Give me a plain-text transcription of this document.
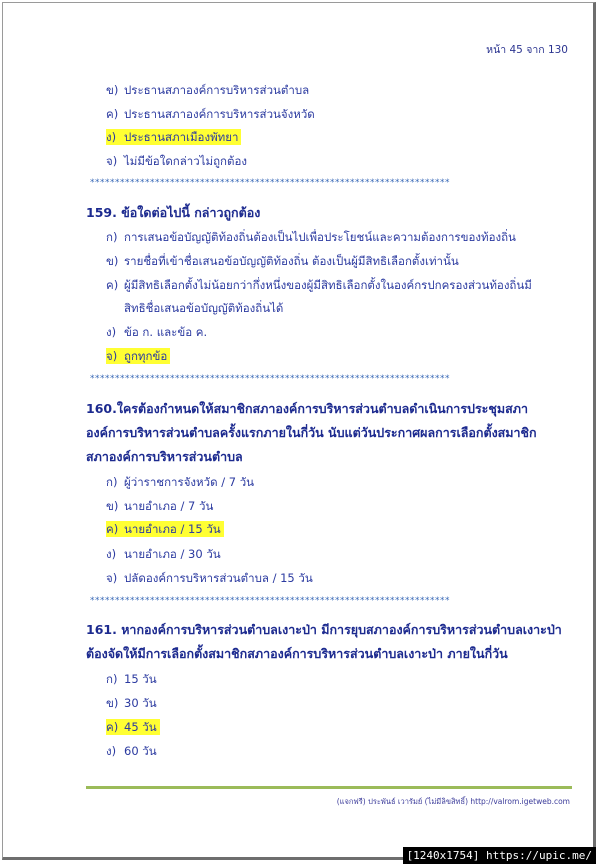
หน้า 45 จาก 130
ข) ประธานสภาองค์การบริหารส่วนตำบล
ค) ประธานสภาองค์การบริหารส่วนจังหวัด
ง) ประธานสภาเมืองพัทยา
จ) ไม่มีข้อใดกล่าวไม่ถูกต้อง
************************************************************************
159. ข้อใดต่อไปนี้ กล่าวถูกต้อง
ก) การเสนอข้อบัญญัติท้องถิ่นต้องเป็นไปเพื่อประโยชน์และความต้องการของท้องถิ่น
ข) รายชื่อที่เข้าชื่อเสนอข้อบัญญัติท้องถิ่น ต้องเป็นผู้มีสิทธิเลือกตั้งเท่านั้น
ค) ผู้มีสิทธิเลือกตั้งไม่น้อยกว่ากึ่งหนึ่งของผู้มีสิทธิเลือกตั้งในองค์กรปกครองส่วนท้องถิ่นมี
สิทธิชื่อเสนอข้อบัญญัติท้องถิ่นได้
ง) ข้อ ก. และข้อ ค.
จ) ถูกทุกข้อ
************************************************************************
160.ใครต้องกำหนดให้สมาชิกสภาองค์การบริหารส่วนตำบลดำเนินการประชุมสภา
องค์การบริหารส่วนตำบลครั้งแรกภายในกี่วัน นับแต่วันประกาศผลการเลือกตั้งสมาชิก
สภาองค์การบริหารส่วนตำบล
ก) ผู้ว่าราชการจังหวัด / 7 วัน
ข) นายอำเภอ / 7 วัน
ค) นายอำเภอ / 15 วัน
ง) นายอำเภอ / 30 วัน
จ) ปลัดองค์การบริหารส่วนตำบล / 15 วัน
************************************************************************
161. หากองค์การบริหารส่วนตำบลเงาะป่า มีการยุบสภาองค์การบริหารส่วนตำบลเงาะป่า
ต้องจัดให้มีการเลือกตั้งสมาชิกสภาองค์การบริหารส่วนตำบลเงาะป่า ภายในกี่วัน
ก) 15 วัน
ข) 30 วัน
ค) 45 วัน
ง) 60 วัน
(แจกฟรี) ประพันธ์ เวารัมย์ (ไม่มีลิขสิทธิ์) http://valrom.igetweb.com
[1240x1754] https://upic.me/
